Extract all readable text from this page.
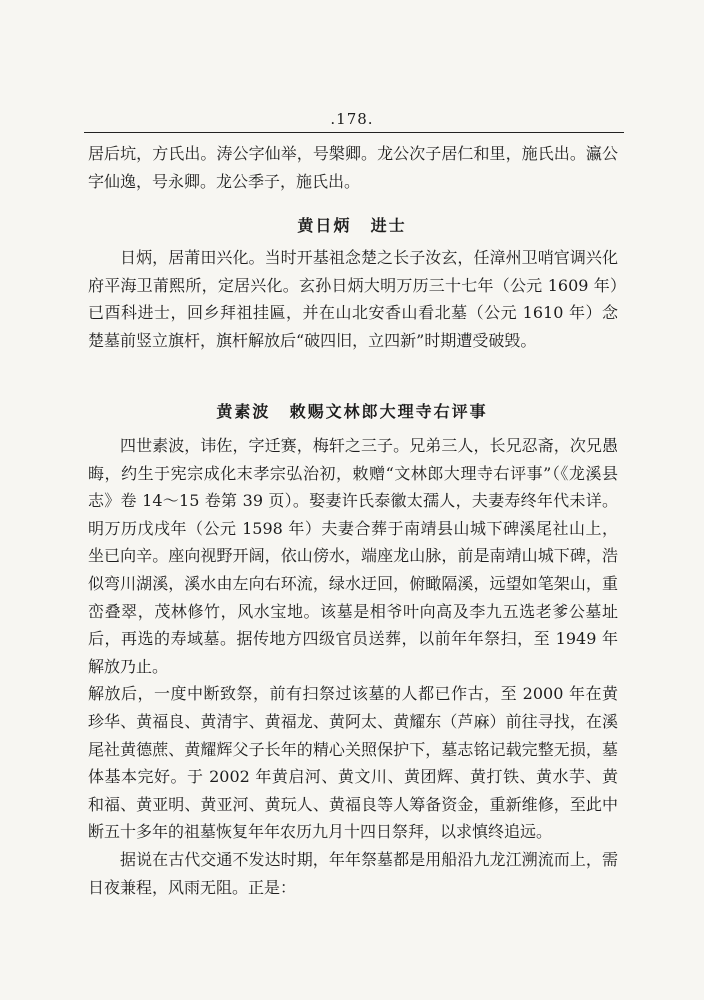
.178.

居后坑，方氏出。涛公字仙举，号槃卿。龙公次子居仁和里，施氏出。瀛公字仙逸，号永卿。龙公季子，施氏出。

黄日炳 进士

日炳，居莆田兴化。当时开基祖念楚之长子汝玄，任漳州卫哨官调兴化府平海卫莆熙所，定居兴化。玄孙日炳大明万历三十七年（公元 1609 年）已酉科进士，回乡拜祖挂匾，并在山北安香山看北墓（公元 1610 年）念楚墓前竖立旗杆，旗杆解放后“破四旧，立四新”时期遭受破毁。

黄素波 敕赐文林郎大理寺右评事

四世素波，讳佐，字迁赛，梅轩之三子。兄弟三人，长兄忍斋，次兄愚晦，约生于宪宗成化末孝宗弘治初，敕赠“文林郎大理寺右评事”（《龙溪县志》卷 14～15 卷第 39 页）。娶妻许氏泰徽太孺人，夫妻寿终年代未详。明万历戊戌年（公元 1598 年）夫妻合葬于南靖县山城下碑溪尾社山上，坐已向辛。座向视野开阔，依山傍水，端座龙山脉，前是南靖山城下碑，浩似弯川湖溪，溪水由左向右环流，绿水迂回，俯瞰隔溪，远望如笔架山，重峦叠翠，茂林修竹，风水宝地。该墓是相爷叶向高及李九五选老爹公墓址后，再选的寿域墓。据传地方四级官员送葬，以前年年祭扫，至 1949 年解放乃止。

解放后，一度中断致祭，前有扫祭过该墓的人都已作古，至 2000 年在黄珍华、黄福良、黄清宇、黄福龙、黄阿太、黄耀东（芦麻）前往寻找，在溪尾社黄德蔗、黄耀辉父子长年的精心关照保护下，墓志铭记载完整无损，墓体基本完好。于 2002 年黄启河、黄文川、黄团辉、黄打铁、黄水芋、黄和福、黄亚明、黄亚河、黄玩人、黄福良等人筹备资金，重新维修，至此中断五十多年的祖墓恢复年年农历九月十四日祭拜，以求慎终追远。

据说在古代交通不发达时期，年年祭墓都是用船沿九龙江溯流而上，需日夜兼程，风雨无阻。正是：
